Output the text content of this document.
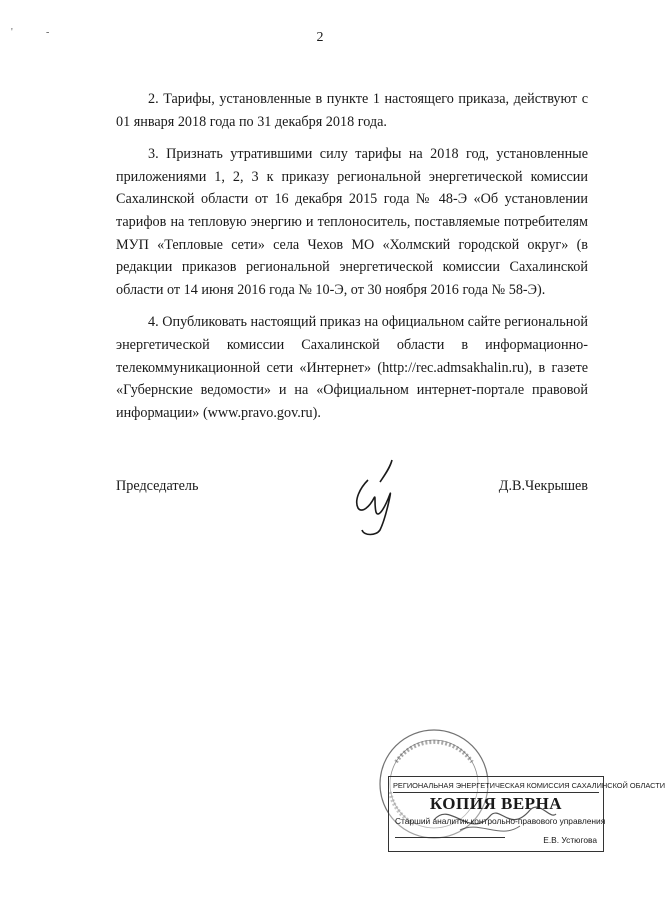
'	-	2

2. Тарифы, установленные в пункте 1 настоящего приказа, действуют с 01 января 2018 года по 31 декабря 2018 года.

3. Признать утратившими силу тарифы на 2018 год, установленные приложениями 1, 2, 3 к приказу региональной энергетической комиссии Сахалинской области от 16 декабря 2015 года № 48-Э «Об установлении тарифов на тепловую энергию и теплоноситель, поставляемые потребителям МУП «Тепловые сети» села Чехов МО «Холмский городской округ» (в редакции приказов региональной энергетической комиссии Сахалинской области от 14 июня 2016 года № 10-Э, от 30 ноября 2016 года № 58-Э).

4. Опубликовать настоящий приказ на официальном сайте региональной энергетической комиссии Сахалинской области в информационно-телекоммуникационной сети «Интернет» (http://rec.admsakhalin.ru), в газете «Губернские ведомости» и на «Официальном интернет-портале правовой информации» (www.pravo.gov.ru).

Председатель	Д.В.Чекрышев
РЕГИОНАЛЬНАЯ ЭНЕРГЕТИЧЕСКАЯ КОМИССИЯ САХАЛИНСКОЙ ОБЛАСТИ
КОПИЯ ВЕРНА
Старший аналитик контрольно-правового управления
Е.В. Устюгова
